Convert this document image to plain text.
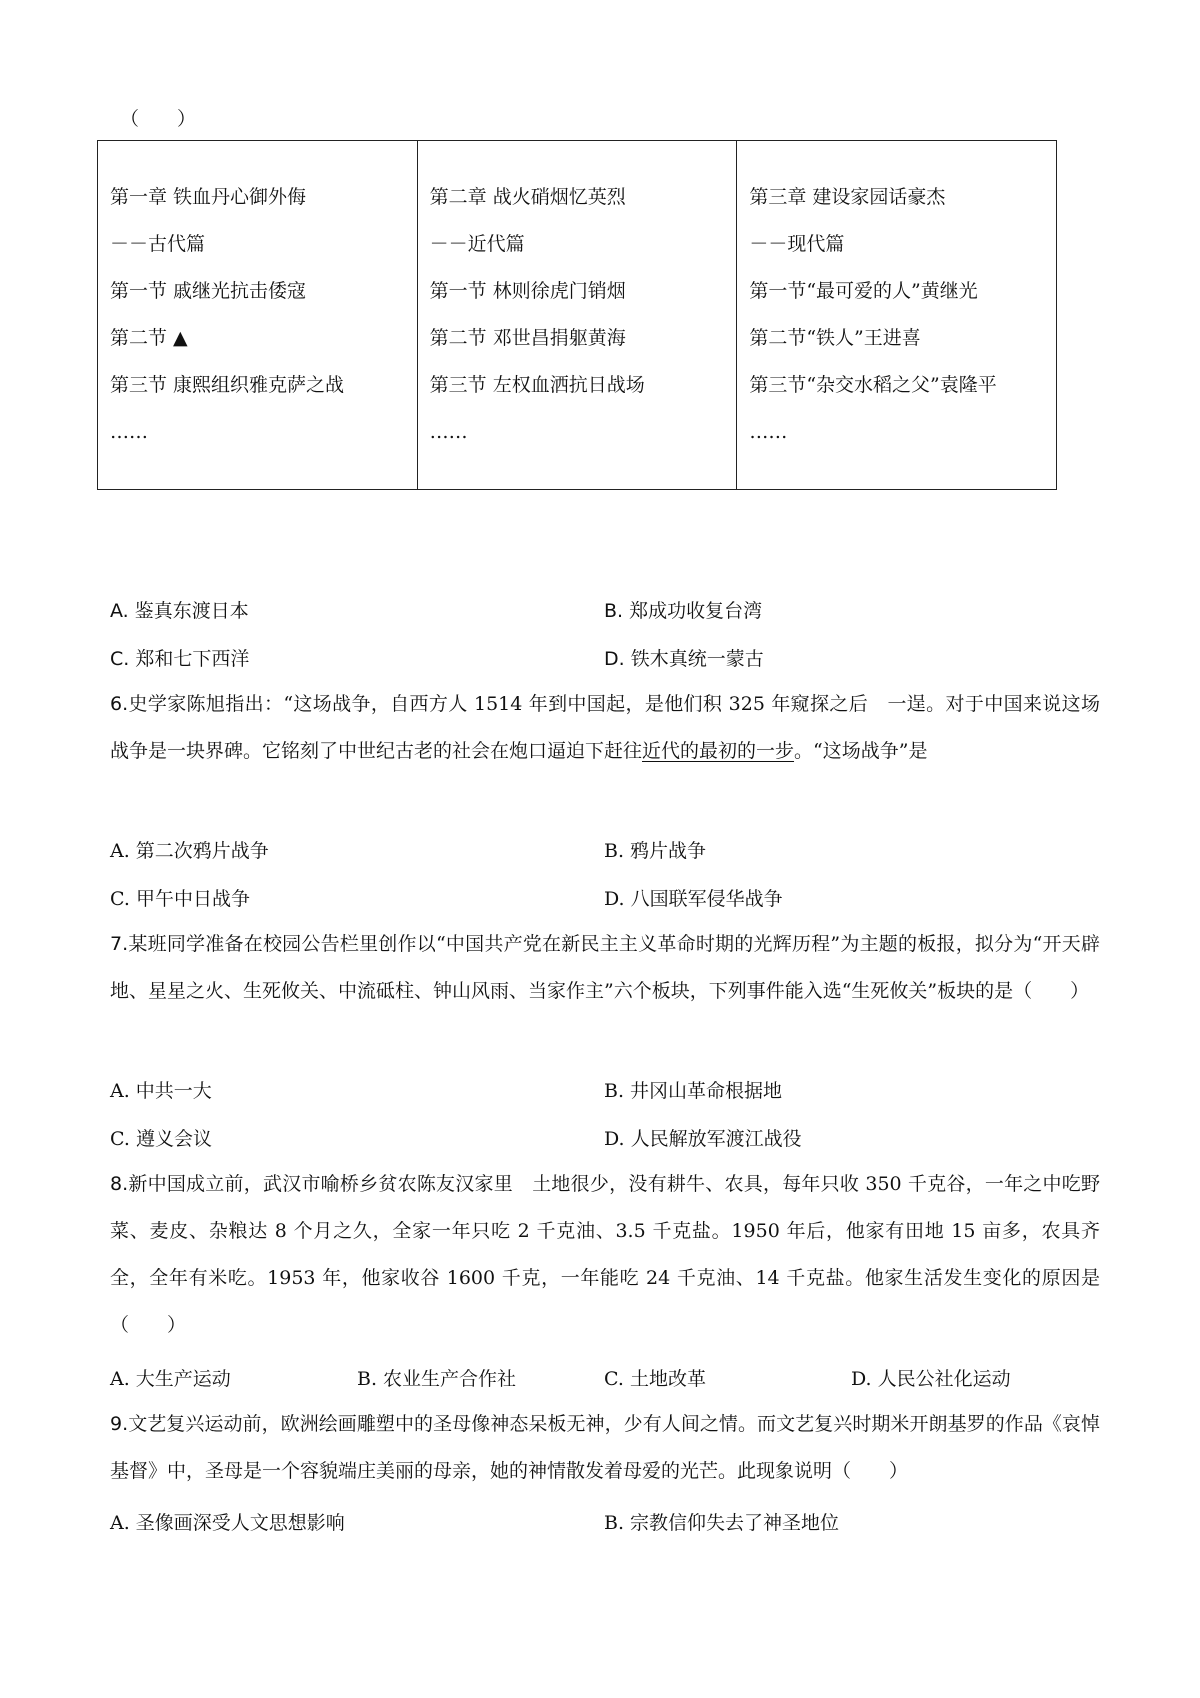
（　　）
第一章 铁血丹心御外侮
－－古代篇
第一节 戚继光抗击倭寇
第二节 ▲
第三节 康熙组织雅克萨之战
……

第二章 战火硝烟忆英烈
－－近代篇
第一节 林则徐虎门销烟
第二节 邓世昌捐躯黄海
第三节 左权血洒抗日战场
……

第三章 建设家园话豪杰
－－现代篇
第一节“最可爱的人”黄继光
第二节“铁人”王进喜
第三节“杂交水稻之父”袁隆平
……
A. 鉴真东渡日本	B. 郑成功收复台湾
C. 郑和七下西洋	D. 铁木真统一蒙古
6.史学家陈旭指出：“这场战争，自西方人 1514 年到中国起，是他们积 325 年窥探之后　一逞。对于中国来说这场战争是一块界碑。它铭刻了中世纪古老的社会在炮口逼迫下赶往近代的最初的一步。“这场战争”是
A. 第二次鸦片战争	B. 鸦片战争
C. 甲午中日战争	D. 八国联军侵华战争
7.某班同学准备在校园公告栏里创作以“中国共产党在新民主主义革命时期的光辉历程”为主题的板报，拟分为“开天辟地、星星之火、生死攸关、中流砥柱、钟山风雨、当家作主”六个板块，下列事件能入选“生死攸关”板块的是（　　）
A. 中共一大	B. 井冈山革命根据地
C. 遵义会议	D. 人民解放军渡江战役
8.新中国成立前，武汉市喻桥乡贫农陈友汉家里　土地很少，没有耕牛、农具，每年只收 350 千克谷，一年之中吃野菜、麦皮、杂粮达 8 个月之久，全家一年只吃 2 千克油、3.5 千克盐。1950 年后，他家有田地 15 亩多，农具齐全，全年有米吃。1953 年，他家收谷 1600 千克，一年能吃 24 千克油、14 千克盐。他家生活发生变化的原因是（　　）
A. 大生产运动	B. 农业生产合作社	C. 土地改革	D. 人民公社化运动
9.文艺复兴运动前，欧洲绘画雕塑中的圣母像神态呆板无神，少有人间之情。而文艺复兴时期米开朗基罗的作品《哀悼基督》中，圣母是一个容貌端庄美丽的母亲，她的神情散发着母爱的光芒。此现象说明（　　）
A. 圣像画深受人文思想影响	B. 宗教信仰失去了神圣地位
